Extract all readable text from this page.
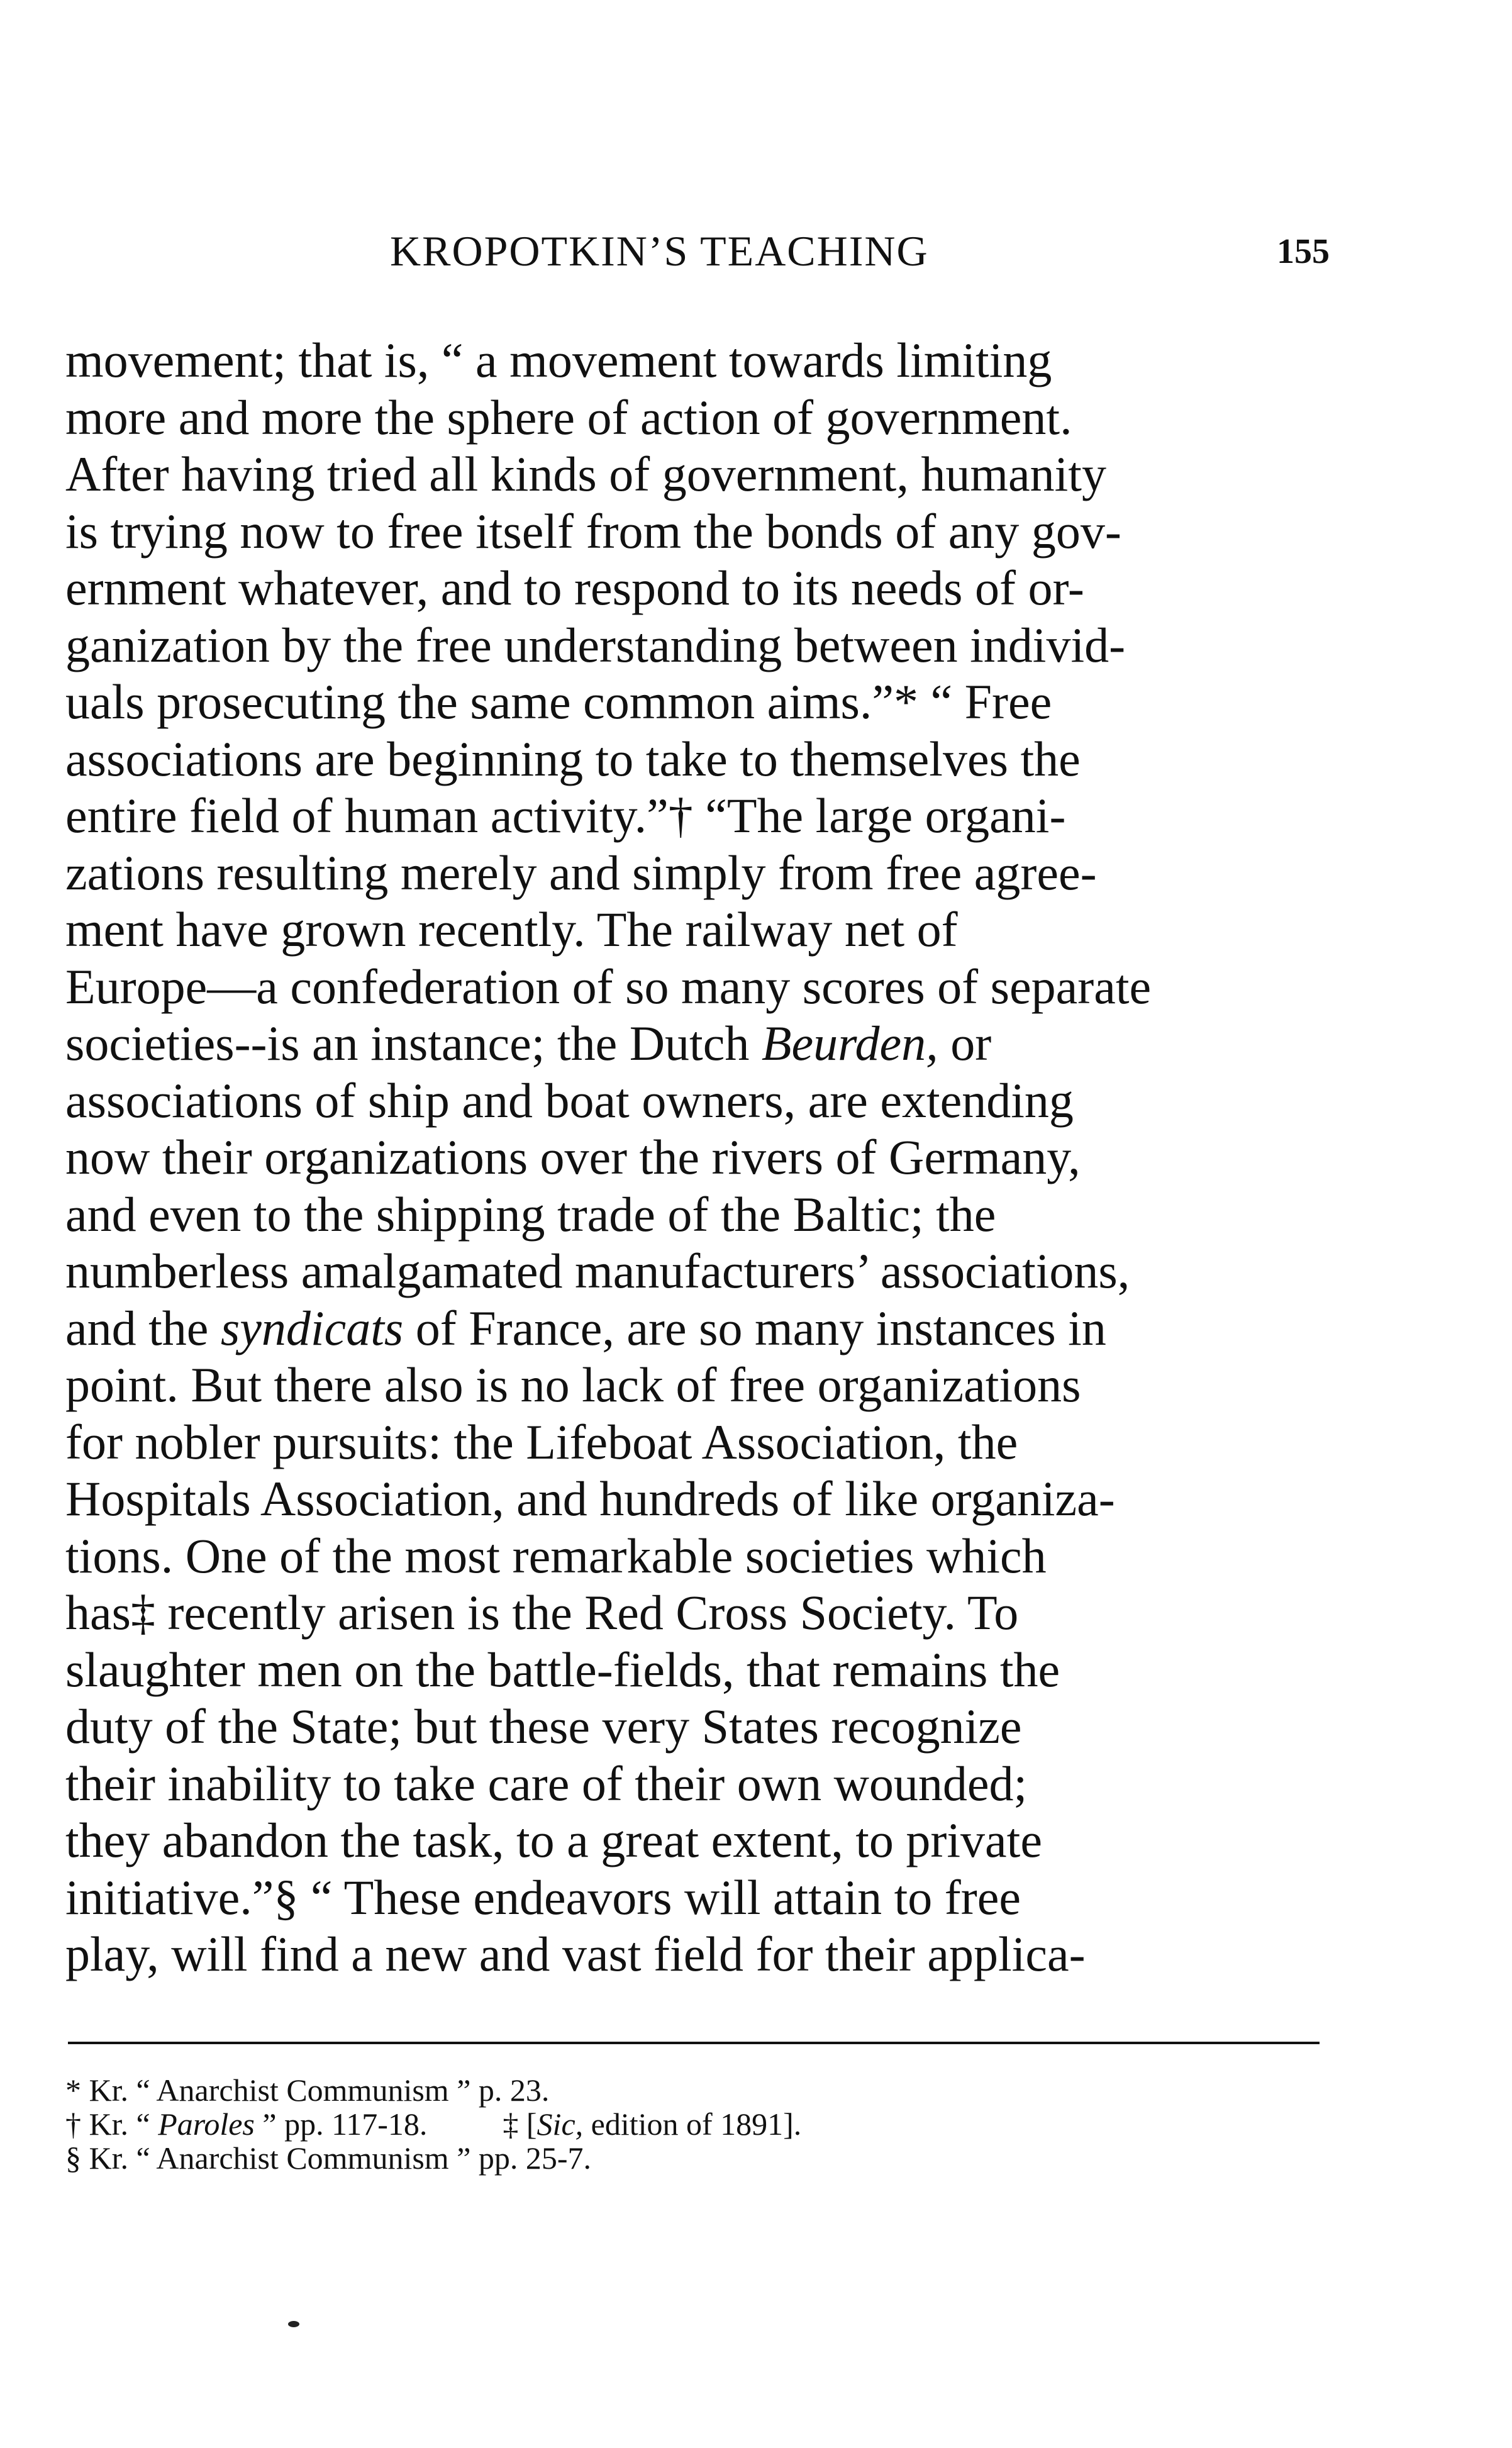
KROPOTKIN’S TEACHING	155
movement; that is, “ a movement towards limiting
more and more the sphere of action of government.
After having tried all kinds of government, humanity
is trying now to free itself from the bonds of any gov-
ernment whatever, and to respond to its needs of or-
ganization by the free understanding between individ-
uals prosecuting the same common aims.”* “ Free
associations are beginning to take to themselves the
entire field of human activity.”† “The large organi-
zations resulting merely and simply from free agree-
ment have grown recently. The railway net of
Europe—a confederation of so many scores of separate
societies--is an instance; the Dutch Beurden, or
associations of ship and boat owners, are extending
now their organizations over the rivers of Germany,
and even to the shipping trade of the Baltic; the
numberless amalgamated manufacturers’ associations,
and the syndicats of France, are so many instances in
point. But there also is no lack of free organizations
for nobler pursuits: the Lifeboat Association, the
Hospitals Association, and hundreds of like organiza-
tions. One of the most remarkable societies which
has‡ recently arisen is the Red Cross Society. To
slaughter men on the battle-fields, that remains the
duty of the State; but these very States recognize
their inability to take care of their own wounded;
they abandon the task, to a great extent, to private
initiative.”§ “ These endeavors will attain to free
play, will find a new and vast field for their applica-
* Kr. “ Anarchist Communism ” p. 23.
† Kr. “ Paroles ” pp. 117-18. ‡ [Sic, edition of 1891].
§ Kr. “ Anarchist Communism ” pp. 25-7.
